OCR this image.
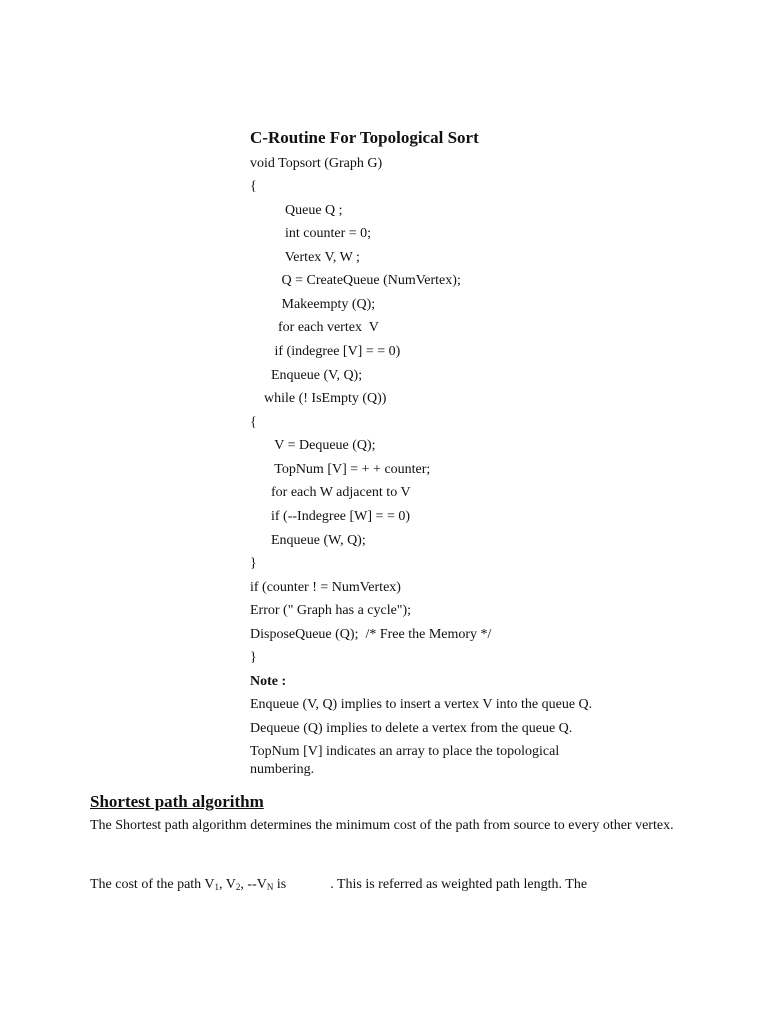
C-Routine For Topological Sort
void Topsort (Graph G)
{
Queue Q ;
int counter = 0;
Vertex V, W ;
Q = CreateQueue (NumVertex);
Makeempty (Q);
for each vertex  V
if (indegree [V] = = 0)
Enqueue (V, Q);
while (! IsEmpty (Q))
{
V = Dequeue (Q);
TopNum [V] = + + counter;
for each W adjacent to V
if (--Indegree [W] = = 0)
Enqueue (W, Q);
}
if (counter ! = NumVertex)
Error (" Graph has a cycle");
DisposeQueue (Q);  /* Free the Memory */
}
Note :
Enqueue (V, Q) implies to insert a vertex V into the queue Q.
Dequeue (Q) implies to delete a vertex from the queue Q.
TopNum [V] indicates an array to place the topological numbering.
Shortest path algorithm
The Shortest path algorithm determines the minimum cost of the path from source to every other vertex.
The cost of the path $V_1$, $V_2$, $--V_N$ is	. This is referred as weighted path length. The
